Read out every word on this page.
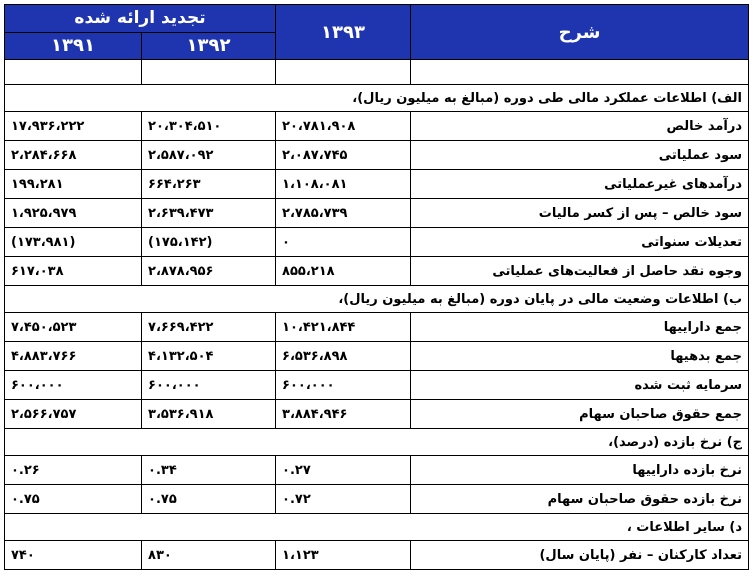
شرح	۱۳۹۳	تجدید ارائه شده	
		۱۳۹۲	۱۳۹۱

الف) اطلاعات عملکرد مالی طی دوره (مبالغ به میلیون ریال)،			
درآمد خالص	۲۰،۷۸۱،۹۰۸	۲۰،۳۰۴،۵۱۰	۱۷،۹۳۶،۲۲۲
سود عملیاتی	۲،۰۸۷،۷۴۵	۲،۵۸۷،۰۹۲	۲،۲۸۴،۶۶۸
درآمدهای غیرعملیاتی	۱،۱۰۸،۰۸۱	۶۶۴،۲۶۳	۱۹۹،۲۸۱
سود خالص – پس از کسر مالیات	۲،۷۸۵،۷۳۹	۲،۶۳۹،۴۷۳	۱،۹۲۵،۹۷۹
تعدیلات سنواتی	۰	(۱۷۵،۱۴۲)	(۱۷۳،۹۸۱)
وجوه نقد حاصل از فعالیت‌های عملیاتی	۸۵۵،۲۱۸	۲،۸۷۸،۹۵۶	۶۱۷،۰۳۸
ب) اطلاعات وضعیت مالی در پایان دوره (مبالغ به میلیون ریال)،			
جمع داراییها	۱۰،۴۲۱،۸۴۴	۷،۶۶۹،۴۲۲	۷،۴۵۰،۵۲۳
جمع بدهیها	۶،۵۳۶،۸۹۸	۴،۱۳۲،۵۰۴	۴،۸۸۳،۷۶۶
سرمایه ثبت شده	۶۰۰،۰۰۰	۶۰۰،۰۰۰	۶۰۰،۰۰۰
جمع حقوق صاحبان سهام	۳،۸۸۴،۹۴۶	۳،۵۳۶،۹۱۸	۲،۵۶۶،۷۵۷
ج) نرخ بازده (درصد)،			
نرخ بازده داراییها	۰.۲۷	۰.۳۴	۰.۲۶
نرخ بازده حقوق صاحبان سهام	۰.۷۲	۰.۷۵	۰.۷۵
د) سایر اطلاعات ،			
تعداد کارکنان – نفر (پایان سال)	۱،۱۲۳	۸۳۰	۷۴۰
